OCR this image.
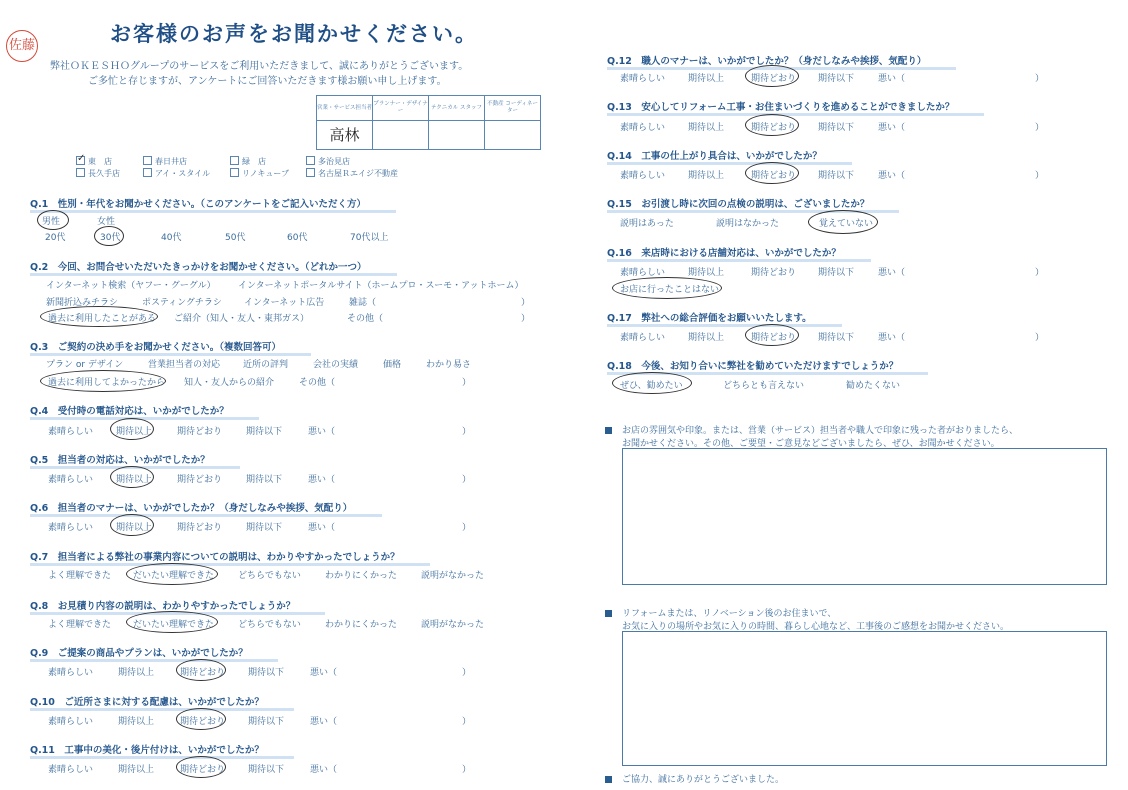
佐藤	お客様のお声をお聞かせください。
弊社ＯＫＥＳＨＯグループのサービスをご利用いただきまして、誠にありがとうございます。
ご多忙と存じますが、アンケートにご回答いただきます様お願い申し上げます。
営業・サービス担当者	プランナー・デザイナー	テクニカル スタッフ	不動産 コーディネーター
高林			
✓ 東　店	春日井店	緑　店	多治見店
長久手店	アイ・スタイル	リノキューブ	名古屋Ｒエイジ不動産
Q.1　性別・年代をお聞かせください。（このアンケートをご記入いただく方）
男性	女性
20代	30代	40代	50代	60代	70代以上
Q.2　今回、お問合せいただいたきっかけをお聞かせください。（どれか一つ）
インターネット検索（ヤフー・グーグル） インターネットポータルサイト（ホームプロ・スーモ・アットホーム）
新聞折込みチラシ	ポスティングチラシ インターネット広告	雑誌（	）
過去に利用したことがある ご紹介（知人・友人・東邦ガス）	その他（	）
Q.3　ご契約の決め手をお聞かせください。（複数回答可）
プラン or デザイン	営業担当者の対応	近所の評判	会社の実績	価格	わかり易さ
過去に利用してよかったから 知人・友人からの紹介	その他（	）
Q.4　受付時の電話対応は、いかがでしたか？
素晴らしい	期待以上	期待どおり	期待以下	悪い（	）
Q.5　担当者の対応は、いかがでしたか？
素晴らしい	期待以上	期待どおり	期待以下	悪い（	）
Q.6　担当者のマナーは、いかがでしたか？（身だしなみや挨拶、気配り）
素晴らしい	期待以上	期待どおり	期待以下	悪い（	）
Q.7　担当者による弊社の事業内容についての説明は、わかりやすかったでしょうか？
よく理解できた だいたい理解できた	どちらでもない	わかりにくかった	説明がなかった
Q.8　お見積り内容の説明は、わかりやすかったでしょうか？
よく理解できた だいたい理解できた	どちらでもない	わかりにくかった	説明がなかった
Q.9　ご提案の商品やプランは、いかがでしたか？
素晴らしい	期待以上	期待どおり	期待以下	悪い（	）
Q.10　ご近所さまに対する配慮は、いかがでしたか？
素晴らしい	期待以上	期待どおり	期待以下	悪い（	）
Q.11　工事中の美化・後片付けは、いかがでしたか？
素晴らしい	期待以上	期待どおり	期待以下	悪い（	）
Q.12　職人のマナーは、いかがでしたか？（身だしなみや挨拶、気配り）
素晴らしい	期待以上	期待どおり 期待以下	悪い（	）
Q.13　安心してリフォーム工事・お住まいづくりを進めることができましたか？
素晴らしい	期待以上	期待どおり 期待以下	悪い（	）
Q.14　工事の仕上がり具合は、いかがでしたか？
素晴らしい	期待以上	期待どおり 期待以下	悪い（	）
Q.15　お引渡し時に次回の点検の説明は、ございましたか？
説明はあった	説明はなかった	覚えていない
Q.16　来店時における店舗対応は、いかがでしたか？
素晴らしい	期待以上	期待どおり 期待以下	悪い（	）
お店に行ったことはない
Q.17　弊社への総合評価をお願いいたします。
素晴らしい	期待以上	期待どおり 期待以下	悪い（	）
Q.18　今後、お知り合いに弊社を勧めていただけますでしょうか？
ぜひ、勧めたい	どちらとも言えない	勧めたくない
お店の雰囲気や印象。または、営業（サービス）担当者や職人で印象に残った者がおりましたら、
お聞かせください。その他、ご要望・ご意見などございましたら、ぜひ、お聞かせください。
リフォームまたは、リノベーション後のお住まいで、
お気に入りの場所やお気に入りの時間、暮らし心地など、工事後のご感想をお聞かせください。
ご協力、誠にありがとうございました。
